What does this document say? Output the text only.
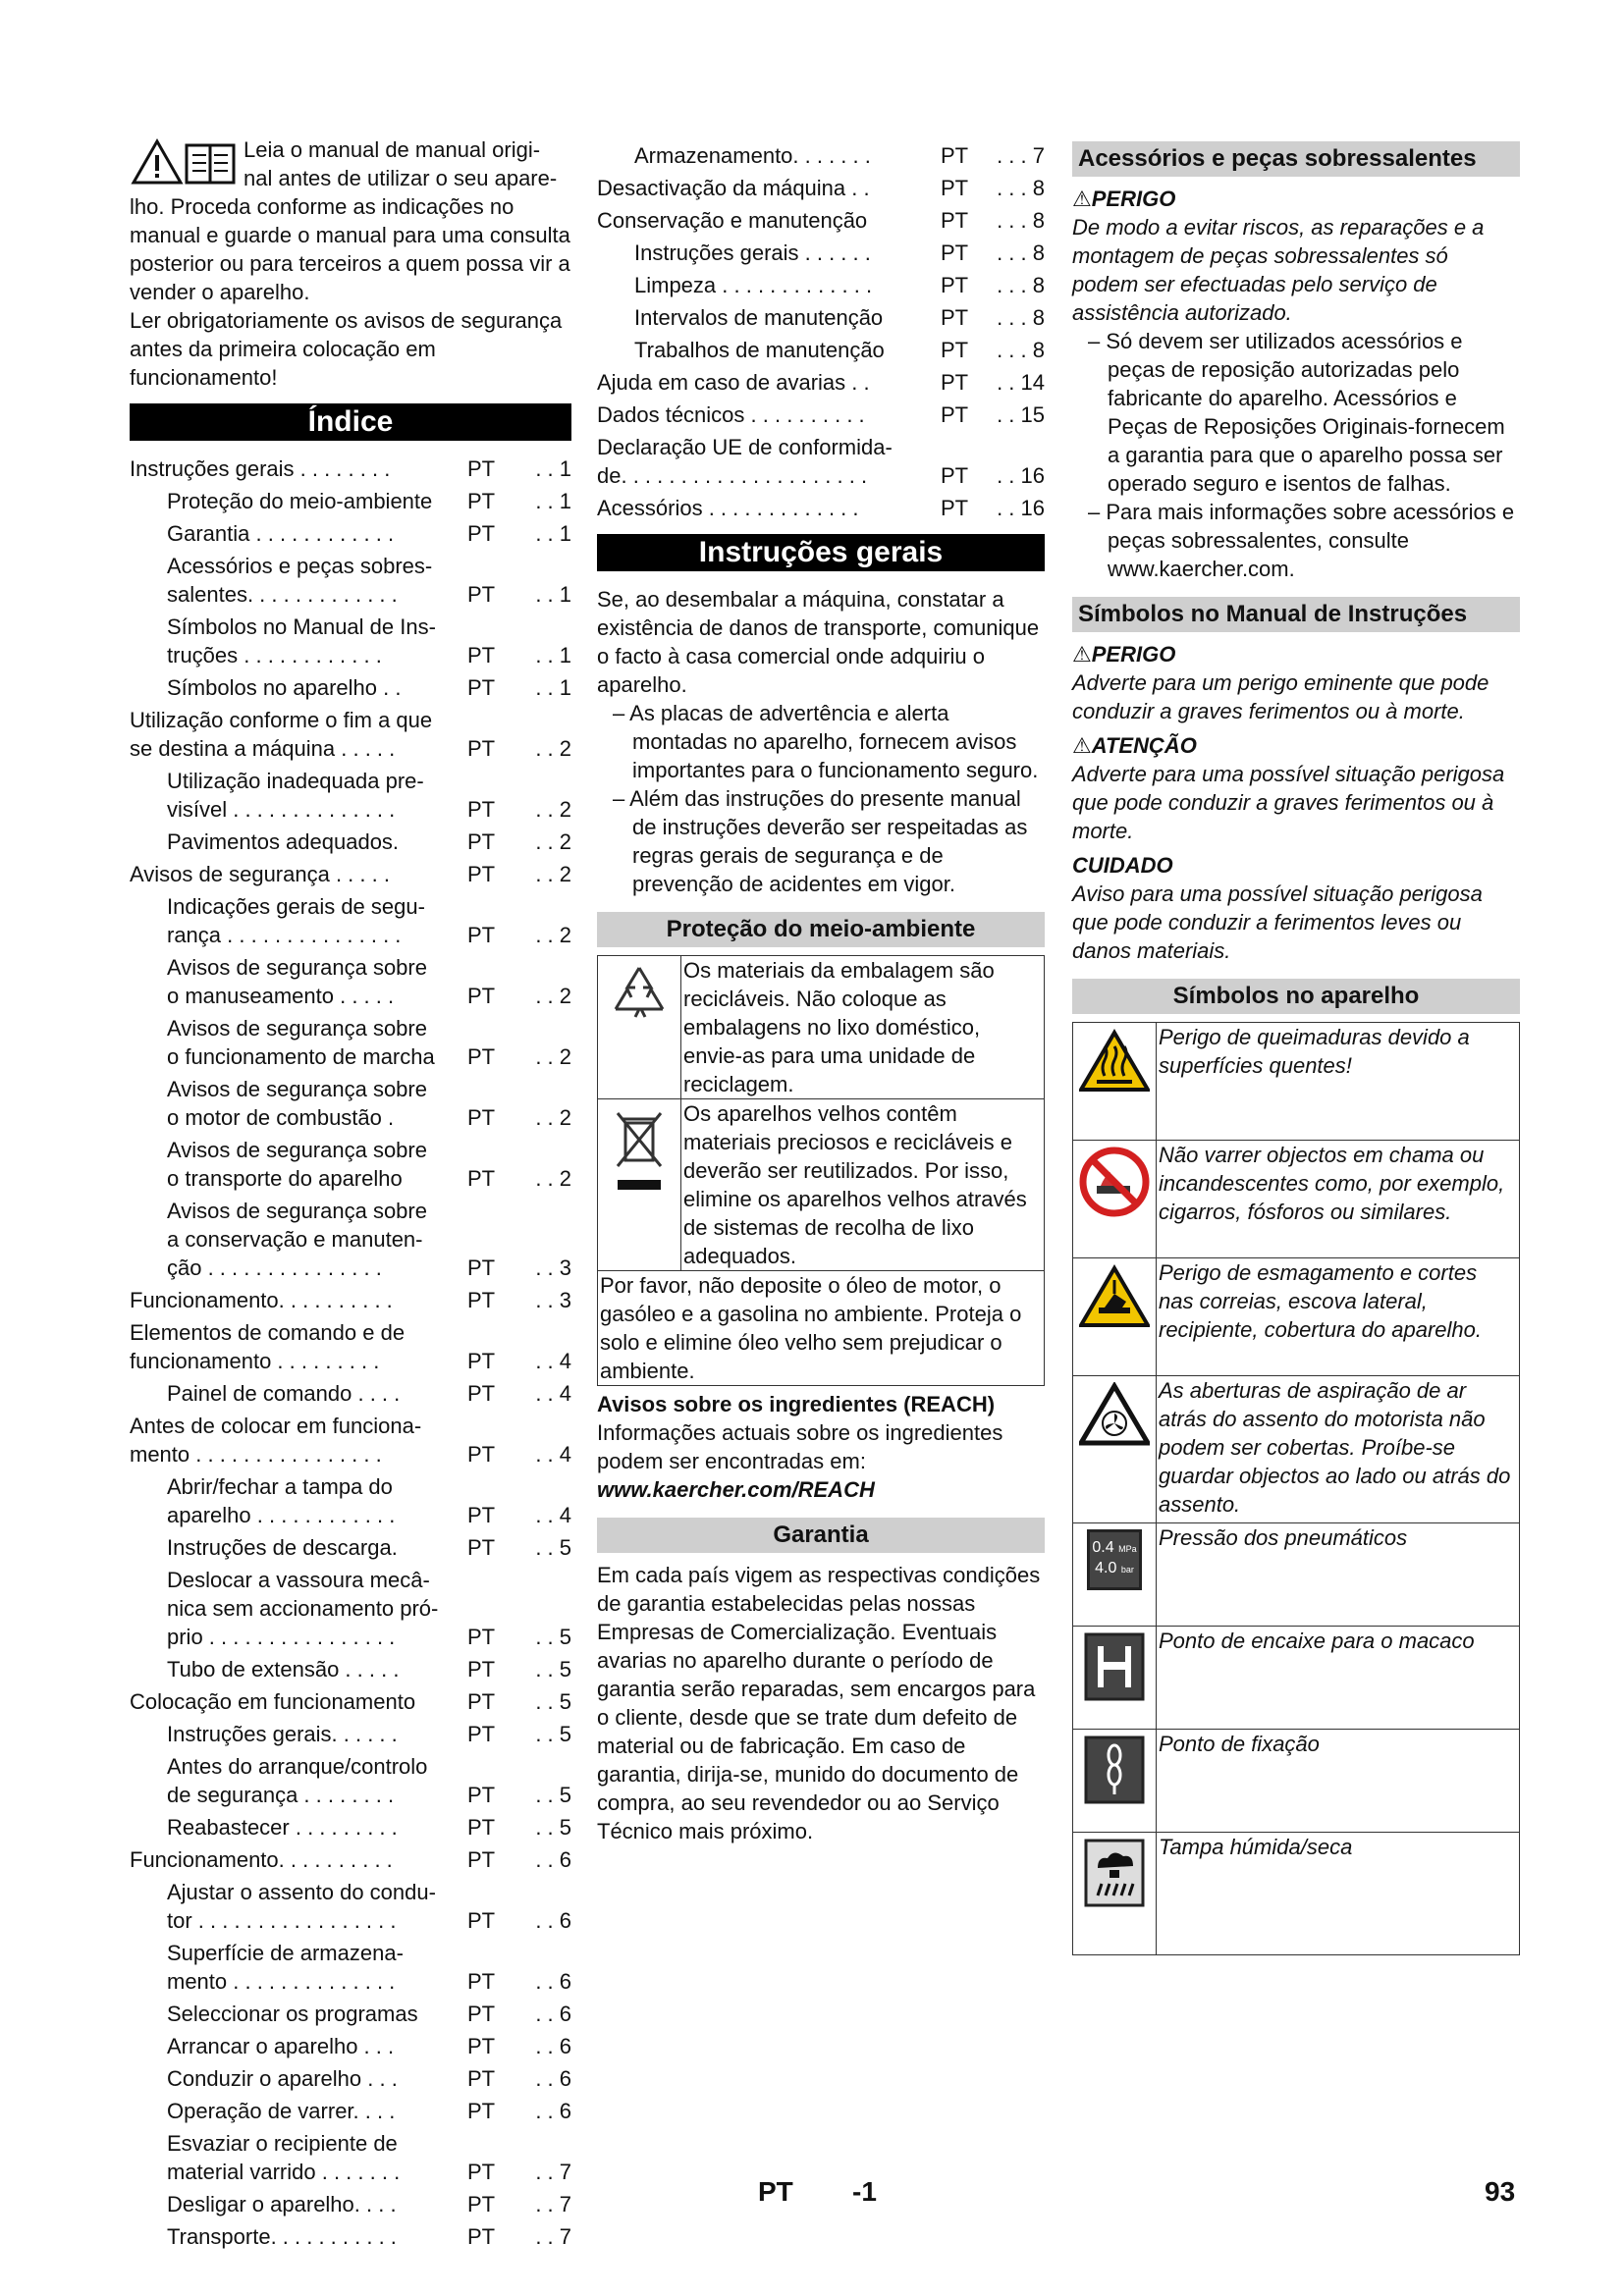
Leia o manual de manual origi-

nal antes de utilizar o seu apare-

lho. Proceda conforme as indicações no manual e guarde o manual para uma consulta posterior ou para terceiros a quem possa vir a vender o aparelho.

Ler obrigatoriamente os avisos de segurança antes da primeira colocação em funcionamento!

Índice
Instruções gerais . . . . . . . .	PT	. . 1
Proteção do meio-ambiente	PT	. . 1
Garantia . . . . . . . . . . . .	PT	. . 1
Acessórios e peças sobres-
salentes. . . . . . . . . . . . .	PT	. . 1
Símbolos no Manual de Ins-
truções . . . . . . . . . . . .	PT	. . 1
Símbolos no aparelho . .	PT	. . 1
Utilização conforme o fim a que
se destina a máquina . . . . .	PT	. . 2
Utilização inadequada pre-
visível . . . . . . . . . . . . . .	PT	. . 2
Pavimentos adequados.	PT	. . 2
Avisos de segurança . . . . .	PT	. . 2
Indicações gerais de segu-
rança . . . . . . . . . . . . . . .	PT	. . 2
Avisos de segurança sobre
o manuseamento . . . . .	PT	. . 2
Avisos de segurança sobre
o funcionamento de marcha	PT	. . 2
Avisos de segurança sobre
o motor de combustão .	PT	. . 2
Avisos de segurança sobre
o transporte do aparelho	PT	. . 2
Avisos de segurança sobre
a conservação e manuten-
ção . . . . . . . . . . . . . . .	PT	. . 3
Funcionamento. . . . . . . . . .	PT	. . 3
Elementos de comando e de
funcionamento . . . . . . . . .	PT	. . 4
Painel de comando . . . .	PT	. . 4
Antes de colocar em funciona-
mento . . . . . . . . . . . . . . . .	PT	. . 4
Abrir/fechar a tampa do
aparelho . . . . . . . . . . . .	PT	. . 4
Instruções de descarga.	PT	. . 5
Deslocar a vassoura mecâ-
nica sem accionamento pró-
prio . . . . . . . . . . . . . . . .	PT	. . 5
Tubo de extensão . . . . .	PT	. . 5
Colocação em funcionamento	PT	. . 5
Instruções gerais. . . . . .	PT	. . 5
Antes do arranque/controlo
de segurança . . . . . . . .	PT	. . 5
Reabastecer . . . . . . . . .	PT	. . 5
Funcionamento. . . . . . . . . .	PT	. . 6
Ajustar o assento do condu-
tor . . . . . . . . . . . . . . . . .	PT	. . 6
Superfície de armazena-
mento . . . . . . . . . . . . . .	PT	. . 6
Seleccionar os programas	PT	. . 6
Arrancar o aparelho . . .	PT	. . 6
Conduzir o aparelho . . .	PT	. . 6
Operação de varrer. . . .	PT	. . 6
Esvaziar o recipiente de
material varrido . . . . . . .	PT	. . 7
Desligar o aparelho. . . .	PT	. . 7
Transporte. . . . . . . . . . .	PT	. . 7
Armazenamento. . . . . . .	PT	. . . 7
Desactivação da máquina . .	PT	. . . 8
Conservação e manutenção	PT	. . . 8
Instruções gerais . . . . . .	PT	. . . 8
Limpeza . . . . . . . . . . . . .	PT	. . . 8
Intervalos de manutenção	PT	. . . 8
Trabalhos de manutenção	PT	. . . 8
Ajuda em caso de avarias . .	PT	. . 14
Dados técnicos . . . . . . . . . .	PT	. . 15
Declaração UE de conformida-
de. . . . . . . . . . . . . . . . . . . . .	PT	. . 16
Acessórios . . . . . . . . . . . . .	PT	. . 16
Instruções gerais

Se, ao desembalar a máquina, constatar a existência de danos de transporte, comunique o facto à casa comercial onde adquiriu o aparelho.

– As placas de advertência e alerta montadas no aparelho, fornecem avisos importantes para o funcionamento seguro.
– Além das instruções do presente manual de instruções deverão ser respeitadas as regras gerais de segurança e de prevenção de acidentes em vigor.
Proteção do meio-ambiente
	Os materiais da embalagem são recicláveis. Não coloque as embalagens no lixo doméstico, envie-as para uma unidade de reciclagem.

	Os aparelhos velhos contêm materiais preciosos e recicláveis e deverão ser reutilizados. Por isso, elimine os aparelhos velhos através de sistemas de recolha de lixo adequados.
Por favor, não deposite o óleo de motor, o gasóleo e a gasolina no ambiente. Proteja o solo e elimine óleo velho sem prejudicar o ambiente.	

Avisos sobre os ingredientes (REACH)

Informações actuais sobre os ingredientes podem ser encontradas em:

www.kaercher.com/REACH

Garantia

Em cada país vigem as respectivas condições de garantia estabelecidas pelas nossas Empresas de Comercialização. Eventuais avarias no aparelho durante o período de garantia serão reparadas, sem encargos para o cliente, desde que se trate dum defeito de material ou de fabricação. Em caso de garantia, dirija-se, munido do documento de compra, ao seu revendedor ou ao Serviço Técnico mais próximo.

Acessórios e peças sobressalentes

⚠PERIGO

De modo a evitar riscos, as reparações e a montagem de peças sobressalentes só podem ser efectuadas pelo serviço de assistência autorizado.

– Só devem ser utilizados acessórios e peças de reposição autorizadas pelo fabricante do aparelho. Acessórios e Peças de Reposições Originais-fornecem a garantia para que o aparelho possa ser operado seguro e isentos de falhas.
– Para mais informações sobre acessórios e peças sobressalentes, consulte www.kaercher.com.
Símbolos no Manual de Instruções

⚠PERIGO

Adverte para um perigo eminente que pode conduzir a graves ferimentos ou à morte.

⚠ATENÇÃO

Adverte para uma possível situação perigosa que pode conduzir a graves ferimentos ou à morte.

CUIDADO

Aviso para uma possível situação perigosa que pode conduzir a ferimentos leves ou danos materiais.

Símbolos no aparelho
	Perigo de queimaduras devido a superfícies quentes!

	Não varrer objectos em chama ou incandescentes como, por exemplo, cigarros, fósforos ou similares.

	Perigo de esmagamento e cortes nas correias, escova lateral, recipiente, cobertura do aparelho.

	As aberturas de aspiração de ar atrás do assento do motorista não podem ser cobertas. Proíbe-se guardar objectos ao lado ou atrás do assento.

0.4 MPa
4.0 bar	Pressão dos pneumáticos

	Ponto de encaixe para o macaco

	Ponto de fixação

	Tampa húmida/seca
PT -1	93
